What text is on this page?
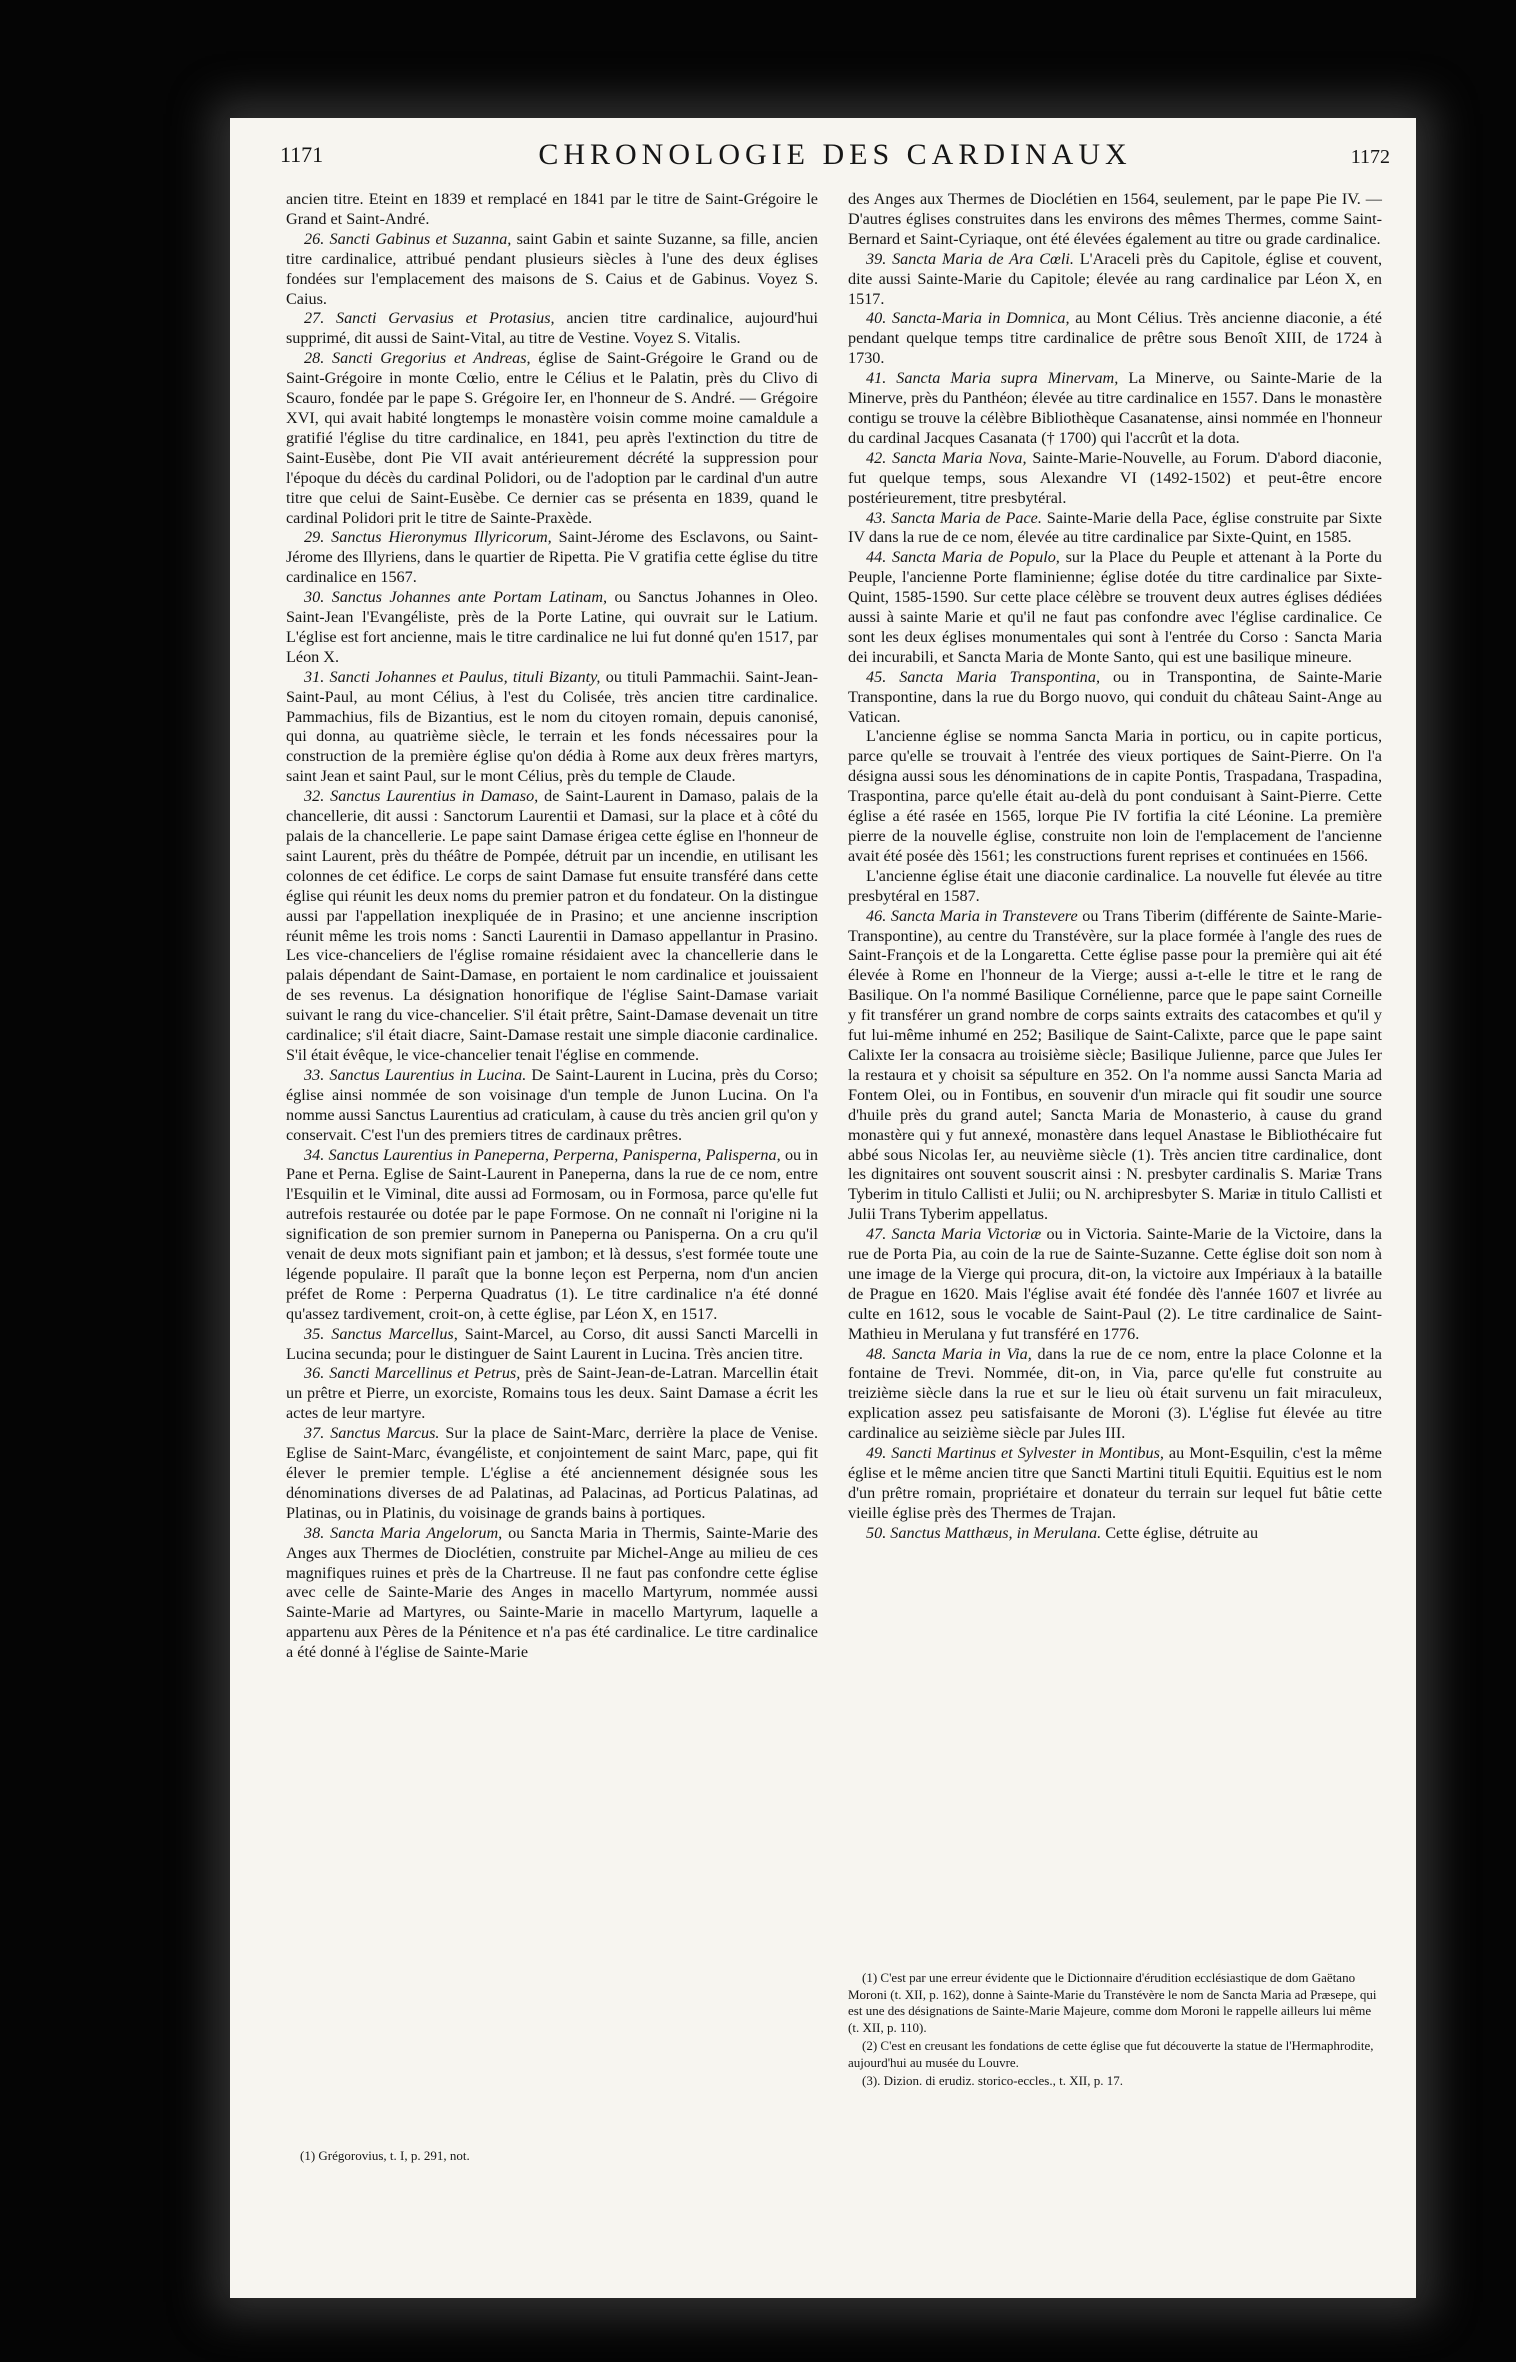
1171	CHRONOLOGIE DES CARDINAUX	1172

ancien titre. Eteint en 1839 et remplacé en 1841 par le titre de Saint-Grégoire le Grand et Saint-André.

26. Sancti Gabinus et Suzanna, saint Gabin et sainte Suzanne, sa fille, ancien titre cardinalice, attribué pendant plusieurs siècles à l'une des deux églises fondées sur l'emplacement des maisons de S. Caius et de Gabinus. Voyez S. Caius.

27. Sancti Gervasius et Protasius, ancien titre cardinalice, aujourd'hui supprimé, dit aussi de Saint-Vital, au titre de Vestine. Voyez S. Vitalis.

28. Sancti Gregorius et Andreas, église de Saint-Grégoire le Grand ou de Saint-Grégoire in monte Cœlio, entre le Célius et le Palatin, près du Clivo di Scauro, fondée par le pape S. Grégoire Ier, en l'honneur de S. André. — Grégoire XVI, qui avait habité longtemps le monastère voisin comme moine camaldule a gratifié l'église du titre cardinalice, en 1841, peu après l'extinction du titre de Saint-Eusèbe, dont Pie VII avait antérieurement décrété la suppression pour l'époque du décès du cardinal Polidori, ou de l'adoption par le cardinal d'un autre titre que celui de Saint-Eusèbe. Ce dernier cas se présenta en 1839, quand le cardinal Polidori prit le titre de Sainte-Praxède.

29. Sanctus Hieronymus Illyricorum, Saint-Jérome des Esclavons, ou Saint-Jérome des Illyriens, dans le quartier de Ripetta. Pie V gratifia cette église du titre cardinalice en 1567.

30. Sanctus Johannes ante Portam Latinam, ou Sanctus Johannes in Oleo. Saint-Jean l'Evangéliste, près de la Porte Latine, qui ouvrait sur le Latium. L'église est fort ancienne, mais le titre cardinalice ne lui fut donné qu'en 1517, par Léon X.

31. Sancti Johannes et Paulus, tituli Bizanty, ou tituli Pammachii. Saint-Jean-Saint-Paul, au mont Célius, à l'est du Colisée, très ancien titre cardinalice. Pammachius, fils de Bizantius, est le nom du citoyen romain, depuis canonisé, qui donna, au quatrième siècle, le terrain et les fonds nécessaires pour la construction de la première église qu'on dédia à Rome aux deux frères martyrs, saint Jean et saint Paul, sur le mont Célius, près du temple de Claude.

32. Sanctus Laurentius in Damaso, de Saint-Laurent in Damaso, palais de la chancellerie, dit aussi : Sanctorum Laurentii et Damasi, sur la place et à côté du palais de la chancellerie. Le pape saint Damase érigea cette église en l'honneur de saint Laurent, près du théâtre de Pompée, détruit par un incendie, en utilisant les colonnes de cet édifice. Le corps de saint Damase fut ensuite transféré dans cette église qui réunit les deux noms du premier patron et du fondateur. On la distingue aussi par l'appellation inexpliquée de in Prasino; et une ancienne inscription réunit même les trois noms : Sancti Laurentii in Damaso appellantur in Prasino. Les vice-chanceliers de l'église romaine résidaient avec la chancellerie dans le palais dépendant de Saint-Damase, en portaient le nom cardinalice et jouissaient de ses revenus. La désignation honorifique de l'église Saint-Damase variait suivant le rang du vice-chancelier. S'il était prêtre, Saint-Damase devenait un titre cardinalice; s'il était diacre, Saint-Damase restait une simple diaconie cardinalice. S'il était évêque, le vice-chancelier tenait l'église en commende.

33. Sanctus Laurentius in Lucina. De Saint-Laurent in Lucina, près du Corso; église ainsi nommée de son voisinage d'un temple de Junon Lucina. On l'a nomme aussi Sanctus Laurentius ad craticulam, à cause du très ancien gril qu'on y conservait. C'est l'un des premiers titres de cardinaux prêtres.

34. Sanctus Laurentius in Paneperna, Perperna, Panisperna, Palisperna, ou in Pane et Perna. Eglise de Saint-Laurent in Paneperna, dans la rue de ce nom, entre l'Esquilin et le Viminal, dite aussi ad Formosam, ou in Formosa, parce qu'elle fut autrefois restaurée ou dotée par le pape Formose. On ne connaît ni l'origine ni la signification de son premier surnom in Paneperna ou Panisperna. On a cru qu'il venait de deux mots signifiant pain et jambon; et là dessus, s'est formée toute une légende populaire. Il paraît que la bonne leçon est Perperna, nom d'un ancien préfet de Rome : Perperna Quadratus (1). Le titre cardinalice n'a été donné qu'assez tardivement, croit-on, à cette église, par Léon X, en 1517.

35. Sanctus Marcellus, Saint-Marcel, au Corso, dit aussi Sancti Marcelli in Lucina secunda; pour le distinguer de Saint Laurent in Lucina. Très ancien titre.

36. Sancti Marcellinus et Petrus, près de Saint-Jean-de-Latran. Marcellin était un prêtre et Pierre, un exorciste, Romains tous les deux. Saint Damase a écrit les actes de leur martyre.

37. Sanctus Marcus. Sur la place de Saint-Marc, derrière la place de Venise. Eglise de Saint-Marc, évangéliste, et conjointement de saint Marc, pape, qui fit élever le premier temple. L'église a été anciennement désignée sous les dénominations diverses de ad Palatinas, ad Palacinas, ad Porticus Palatinas, ad Platinas, ou in Platinis, du voisinage de grands bains à portiques.

38. Sancta Maria Angelorum, ou Sancta Maria in Thermis, Sainte-Marie des Anges aux Thermes de Dioclétien, construite par Michel-Ange au milieu de ces magnifiques ruines et près de la Chartreuse. Il ne faut pas confondre cette église avec celle de Sainte-Marie des Anges in macello Martyrum, nommée aussi Sainte-Marie ad Martyres, ou Sainte-Marie in macello Martyrum, laquelle a appartenu aux Pères de la Pénitence et n'a pas été cardinalice. Le titre cardinalice a été donné à l'église de Sainte-Marie

(1) Grégorovius, t. I, p. 291, not.

des Anges aux Thermes de Dioclétien en 1564, seulement, par le pape Pie IV. — D'autres églises construites dans les environs des mêmes Thermes, comme Saint-Bernard et Saint-Cyriaque, ont été élevées également au titre ou grade cardinalice.

39. Sancta Maria de Ara Cœli. L'Araceli près du Capitole, église et couvent, dite aussi Sainte-Marie du Capitole; élevée au rang cardinalice par Léon X, en 1517.

40. Sancta-Maria in Domnica, au Mont Célius. Très ancienne diaconie, a été pendant quelque temps titre cardinalice de prêtre sous Benoît XIII, de 1724 à 1730.

41. Sancta Maria supra Minervam, La Minerve, ou Sainte-Marie de la Minerve, près du Panthéon; élevée au titre cardinalice en 1557. Dans le monastère contigu se trouve la célèbre Bibliothèque Casanatense, ainsi nommée en l'honneur du cardinal Jacques Casanata († 1700) qui l'accrût et la dota.

42. Sancta Maria Nova, Sainte-Marie-Nouvelle, au Forum. D'abord diaconie, fut quelque temps, sous Alexandre VI (1492-1502) et peut-être encore postérieurement, titre presbytéral.

43. Sancta Maria de Pace. Sainte-Marie della Pace, église construite par Sixte IV dans la rue de ce nom, élevée au titre cardinalice par Sixte-Quint, en 1585.

44. Sancta Maria de Populo, sur la Place du Peuple et attenant à la Porte du Peuple, l'ancienne Porte flaminienne; église dotée du titre cardinalice par Sixte-Quint, 1585-1590. Sur cette place célèbre se trouvent deux autres églises dédiées aussi à sainte Marie et qu'il ne faut pas confondre avec l'église cardinalice. Ce sont les deux églises monumentales qui sont à l'entrée du Corso : Sancta Maria dei incurabili, et Sancta Maria de Monte Santo, qui est une basilique mineure.

45. Sancta Maria Transpontina, ou in Transpontina, de Sainte-Marie Transpontine, dans la rue du Borgo nuovo, qui conduit du château Saint-Ange au Vatican.

L'ancienne église se nomma Sancta Maria in porticu, ou in capite porticus, parce qu'elle se trouvait à l'entrée des vieux portiques de Saint-Pierre. On l'a désigna aussi sous les dénominations de in capite Pontis, Traspadana, Traspadina, Traspontina, parce qu'elle était au-delà du pont conduisant à Saint-Pierre. Cette église a été rasée en 1565, lorque Pie IV fortifia la cité Léonine. La première pierre de la nouvelle église, construite non loin de l'emplacement de l'ancienne avait été posée dès 1561; les constructions furent reprises et continuées en 1566.

L'ancienne église était une diaconie cardinalice. La nouvelle fut élevée au titre presbytéral en 1587.

46. Sancta Maria in Transtevere ou Trans Tiberim (différente de Sainte-Marie-Transpontine), au centre du Transtévère, sur la place formée à l'angle des rues de Saint-François et de la Longaretta. Cette église passe pour la première qui ait été élevée à Rome en l'honneur de la Vierge; aussi a-t-elle le titre et le rang de Basilique. On l'a nommé Basilique Cornélienne, parce que le pape saint Corneille y fit transférer un grand nombre de corps saints extraits des catacombes et qu'il y fut lui-même inhumé en 252; Basilique de Saint-Calixte, parce que le pape saint Calixte Ier la consacra au troisième siècle; Basilique Julienne, parce que Jules Ier la restaura et y choisit sa sépulture en 352. On l'a nomme aussi Sancta Maria ad Fontem Olei, ou in Fontibus, en souvenir d'un miracle qui fit soudir une source d'huile près du grand autel; Sancta Maria de Monasterio, à cause du grand monastère qui y fut annexé, monastère dans lequel Anastase le Bibliothécaire fut abbé sous Nicolas Ier, au neuvième siècle (1). Très ancien titre cardinalice, dont les dignitaires ont souvent souscrit ainsi : N. presbyter cardinalis S. Mariæ Trans Tyberim in titulo Callisti et Julii; ou N. archipresbyter S. Mariæ in titulo Callisti et Julii Trans Tyberim appellatus.

47. Sancta Maria Victoriæ ou in Victoria. Sainte-Marie de la Victoire, dans la rue de Porta Pia, au coin de la rue de Sainte-Suzanne. Cette église doit son nom à une image de la Vierge qui procura, dit-on, la victoire aux Impériaux à la bataille de Prague en 1620. Mais l'église avait été fondée dès l'année 1607 et livrée au culte en 1612, sous le vocable de Saint-Paul (2). Le titre cardinalice de Saint-Mathieu in Merulana y fut transféré en 1776.

48. Sancta Maria in Via, dans la rue de ce nom, entre la place Colonne et la fontaine de Trevi. Nommée, dit-on, in Via, parce qu'elle fut construite au treizième siècle dans la rue et sur le lieu où était survenu un fait miraculeux, explication assez peu satisfaisante de Moroni (3). L'église fut élevée au titre cardinalice au seizième siècle par Jules III.

49. Sancti Martinus et Sylvester in Montibus, au Mont-Esquilin, c'est la même église et le même ancien titre que Sancti Martini tituli Equitii. Equitius est le nom d'un prêtre romain, propriétaire et donateur du terrain sur lequel fut bâtie cette vieille église près des Thermes de Trajan.

50. Sanctus Matthæus, in Merulana. Cette église, détruite au

(1) C'est par une erreur évidente que le Dictionnaire d'érudition ecclésiastique de dom Gaëtano Moroni (t. XII, p. 162), donne à Sainte-Marie du Transtévère le nom de Sancta Maria ad Præsepe, qui est une des désignations de Sainte-Marie Majeure, comme dom Moroni le rappelle ailleurs lui même (t. XII, p. 110).

(2) C'est en creusant les fondations de cette église que fut découverte la statue de l'Hermaphrodite, aujourd'hui au musée du Louvre.

(3). Dizion. di erudiz. storico-eccles., t. XII, p. 17.
